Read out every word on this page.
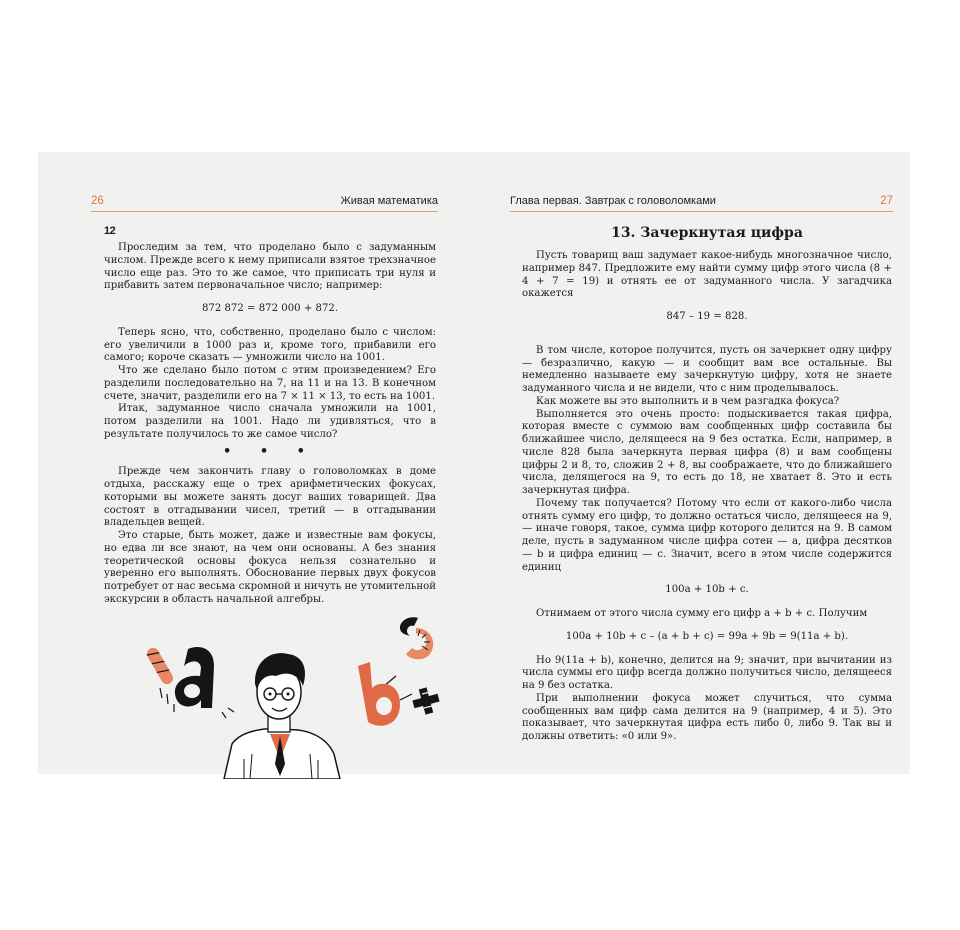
26	Живая математика
12

Проследим за тем, что проделано было с задуманным числом. Прежде всего к нему приписали взятое трехзначное число еще раз. Это то же самое, что приписать три нуля и прибавить затем первоначальное число; например:

872 872 = 872 000 + 872.

Теперь ясно, что, собственно, проделано было с числом: его увеличили в 1000 раз и, кроме того, прибавили его самого; короче сказать — умножили число на 1001.

Что же сделано было потом с этим произведением? Его разделили последовательно на 7, на 11 и на 13. В конечном счете, значит, разделили его на 7 × 11 × 13, то есть на 1001.

Итак, задуманное число сначала умножили на 1001, потом разделили на 1001. Надо ли удивляться, что в результате получилось то же самое число?

• • •

Прежде чем закончить главу о головоломках в доме отдыха, расскажу еще о трех арифметических фокусах, которыми вы можете занять досуг ваших товарищей. Два состоят в отгадывании чисел, третий — в отгадывании владельцев вещей.

Это старые, быть может, даже и известные вам фокусы, но едва ли все знают, на чем они основаны. А без знания теоретической основы фокуса нельзя сознательно и уверенно его выполнять. Обоснование первых двух фокусов потребует от нас весьма скромной и ничуть не утомительной экскурсии в область начальной алгебры.

Глава первая. Завтрак с головоломками	27
13. Зачеркнутая цифра

Пусть товарищ ваш задумает какое-нибудь многозначное число, например 847. Предложите ему найти сумму цифр этого числа (8 + 4 + 7 = 19) и отнять ее от задуманного числа. У загадчика окажется

847 – 19 = 828.

В том числе, которое получится, пусть он зачеркнет одну цифру — безразлично, какую — и сообщит вам все остальные. Вы немедленно называете ему зачеркнутую цифру, хотя не знаете задуманного числа и не видели, что с ним проделывалось.

Как можете вы это выполнить и в чем разгадка фокуса?

Выполняется это очень просто: подыскивается такая цифра, которая вместе с суммою вам сообщенных цифр составила бы ближайшее число, делящееся на 9 без остатка. Если, например, в числе 828 была зачеркнута первая цифра (8) и вам сообщены цифры 2 и 8, то, сложив 2 + 8, вы соображаете, что до ближайшего числа, делящегося на 9, то есть до 18, не хватает 8. Это и есть зачеркнутая цифра.

Почему так получается? Потому что если от какого-либо числа отнять сумму его цифр, то должно остаться число, делящееся на 9, — иначе говоря, такое, сумма цифр которого делится на 9. В самом деле, пусть в задуманном числе цифра сотен — a, цифра десятков — b и цифра единиц — c. Значит, всего в этом числе содержится единиц

100a + 10b + c.

Отнимаем от этого числа сумму его цифр a + b + c. Получим

100a + 10b + c – (a + b + c) = 99a + 9b = 9(11a + b).

Но 9(11a + b), конечно, делится на 9; значит, при вычитании из числа суммы его цифр всегда должно получиться число, делящееся на 9 без остатка.

При выполнении фокуса может случиться, что сумма сообщенных вам цифр сама делится на 9 (например, 4 и 5). Это показывает, что зачеркнутая цифра есть либо 0, либо 9. Так вы и должны ответить: «0 или 9».
